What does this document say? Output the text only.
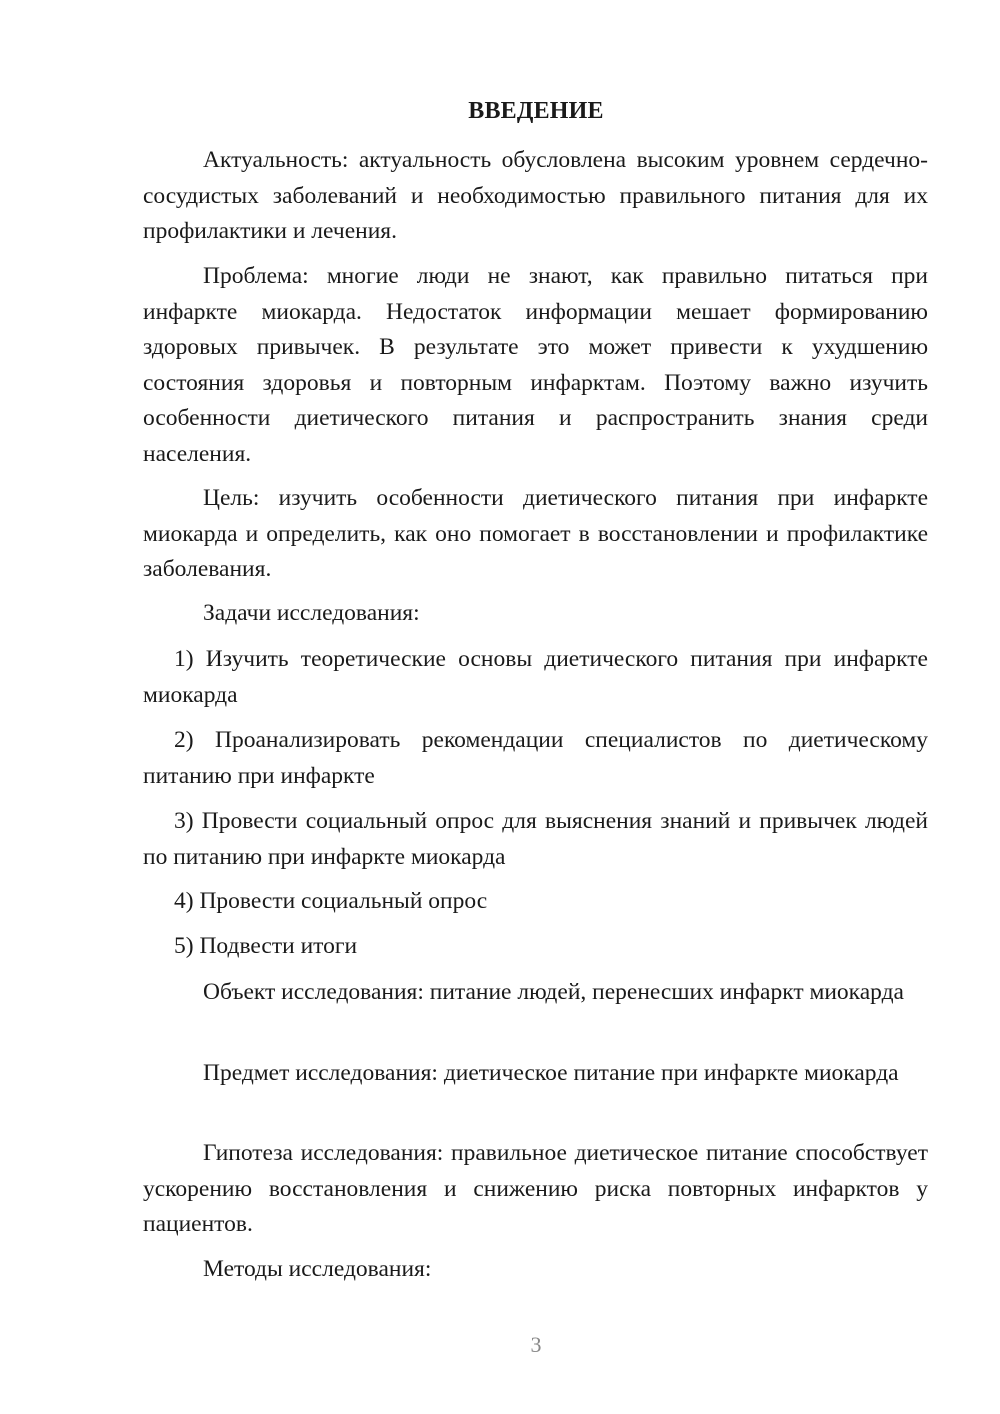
ВВЕДЕНИЕ

Актуальность: актуальность обусловлена высоким уровнем сердечно-сосудистых заболеваний и необходимостью правильного питания для их профилактики и лечения.

Проблема: многие люди не знают, как правильно питаться при инфаркте миокарда. Недостаток информации мешает формированию здоровых привычек. В результате это может привести к ухудшению состояния здоровья и повторным инфарктам. Поэтому важно изучить особенности диетического питания и распространить знания среди населения.

Цель: изучить особенности диетического питания при инфаркте миокарда и определить, как оно помогает в восстановлении и профилактике заболевания.

Задачи исследования:

1) Изучить теоретические основы диетического питания при инфаркте миокарда

2) Проанализировать рекомендации специалистов по диетическому питанию при инфаркте

3) Провести социальный опрос для выяснения знаний и привычек людей по питанию при инфаркте миокарда

4) Провести социальный опрос

5) Подвести итоги

Объект исследования: питание людей, перенесших инфаркт миокарда

Предмет исследования: диетическое питание при инфаркте миокарда

Гипотеза исследования: правильное диетическое питание способствует ускорению восстановления и снижению риска повторных инфарктов у пациентов.

Методы исследования:

3
